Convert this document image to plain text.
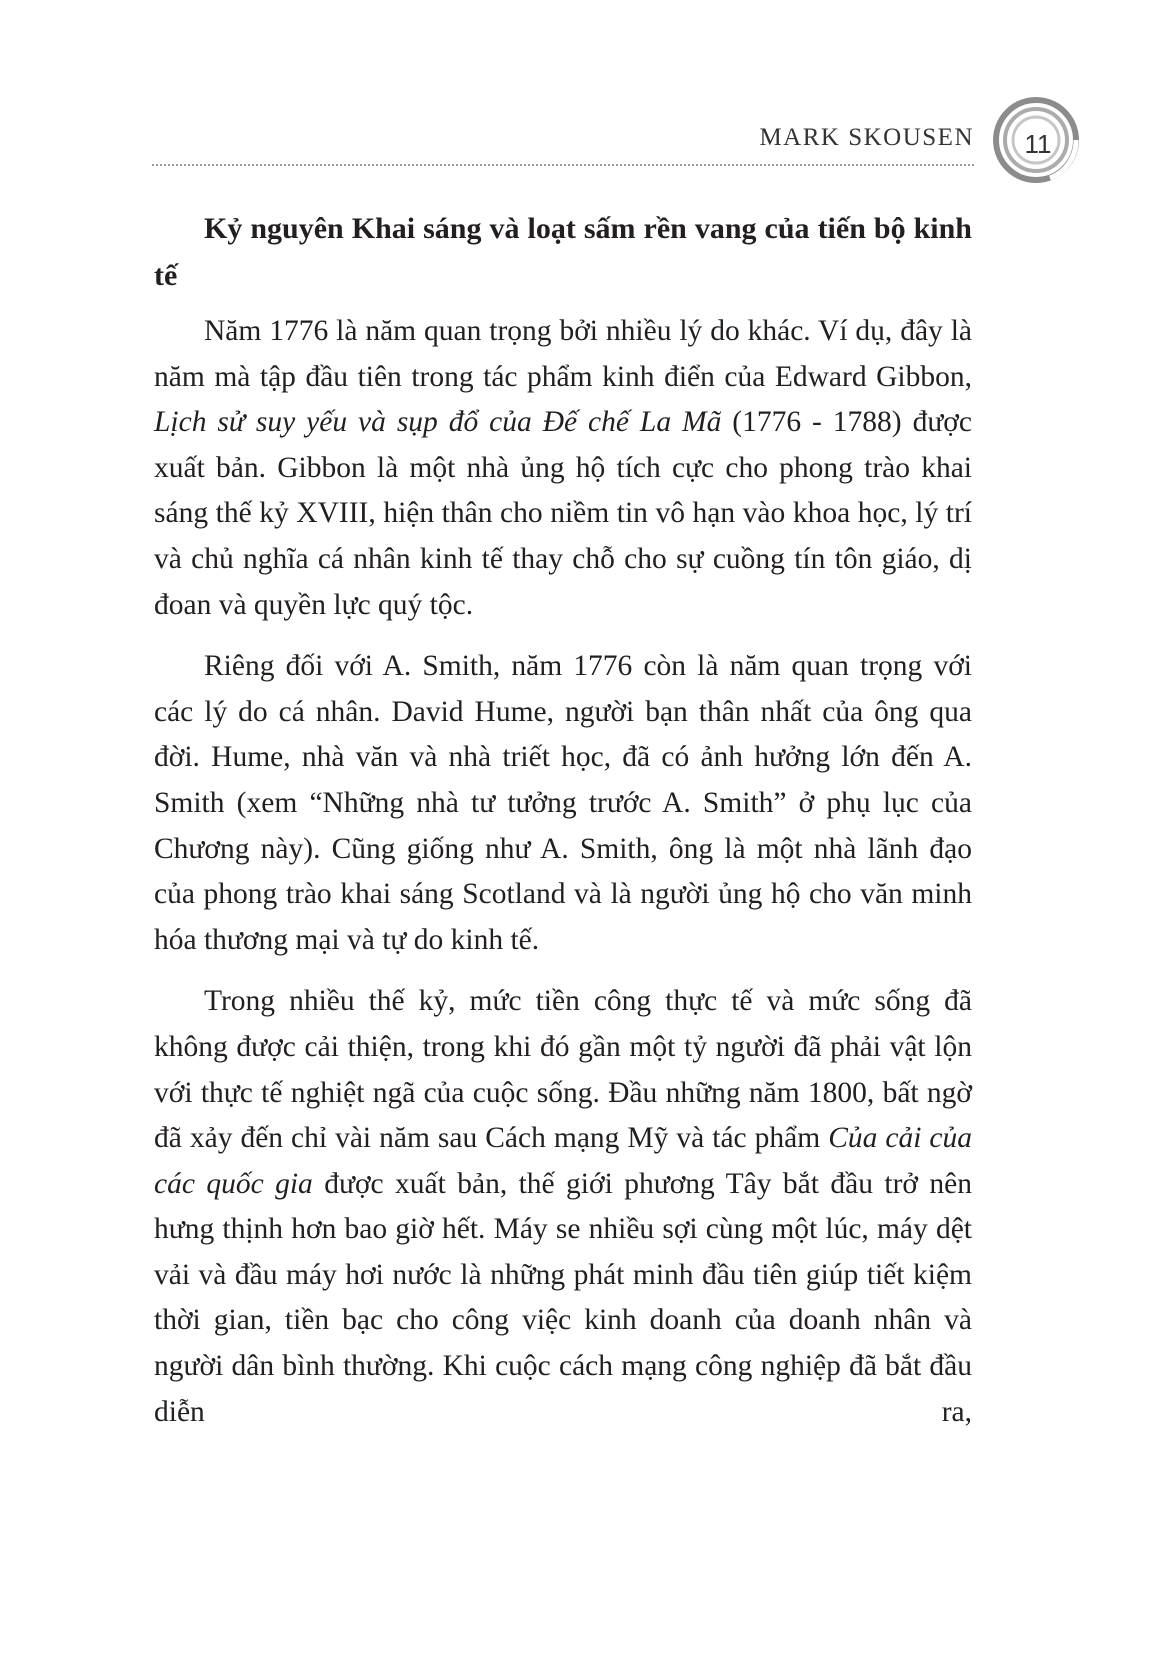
MARK SKOUSEN	11
Kỷ nguyên Khai sáng và loạt sấm rền vang của tiến bộ kinh tế

Năm 1776 là năm quan trọng bởi nhiều lý do khác. Ví dụ, đây là năm mà tập đầu tiên trong tác phẩm kinh điển của Edward Gibbon, Lịch sử suy yếu và sụp đổ của Đế chế La Mã (1776 - 1788) được xuất bản. Gibbon là một nhà ủng hộ tích cực cho phong trào khai sáng thế kỷ XVIII, hiện thân cho niềm tin vô hạn vào khoa học, lý trí và chủ nghĩa cá nhân kinh tế thay chỗ cho sự cuồng tín tôn giáo, dị đoan và quyền lực quý tộc.

Riêng đối với A. Smith, năm 1776 còn là năm quan trọng với các lý do cá nhân. David Hume, người bạn thân nhất của ông qua đời. Hume, nhà văn và nhà triết học, đã có ảnh hưởng lớn đến A. Smith (xem “Những nhà tư tưởng trước A. Smith” ở phụ lục của Chương này). Cũng giống như A. Smith, ông là một nhà lãnh đạo của phong trào khai sáng Scotland và là người ủng hộ cho văn minh hóa thương mại và tự do kinh tế.

Trong nhiều thế kỷ, mức tiền công thực tế và mức sống đã không được cải thiện, trong khi đó gần một tỷ người đã phải vật lộn với thực tế nghiệt ngã của cuộc sống. Đầu những năm 1800, bất ngờ đã xảy đến chỉ vài năm sau Cách mạng Mỹ và tác phẩm Của cải của các quốc gia được xuất bản, thế giới phương Tây bắt đầu trở nên hưng thịnh hơn bao giờ hết. Máy se nhiều sợi cùng một lúc, máy dệt vải và đầu máy hơi nước là những phát minh đầu tiên giúp tiết kiệm thời gian, tiền bạc cho công việc kinh doanh của doanh nhân và người dân bình thường. Khi cuộc cách mạng công nghiệp đã bắt đầu diễn ra,
